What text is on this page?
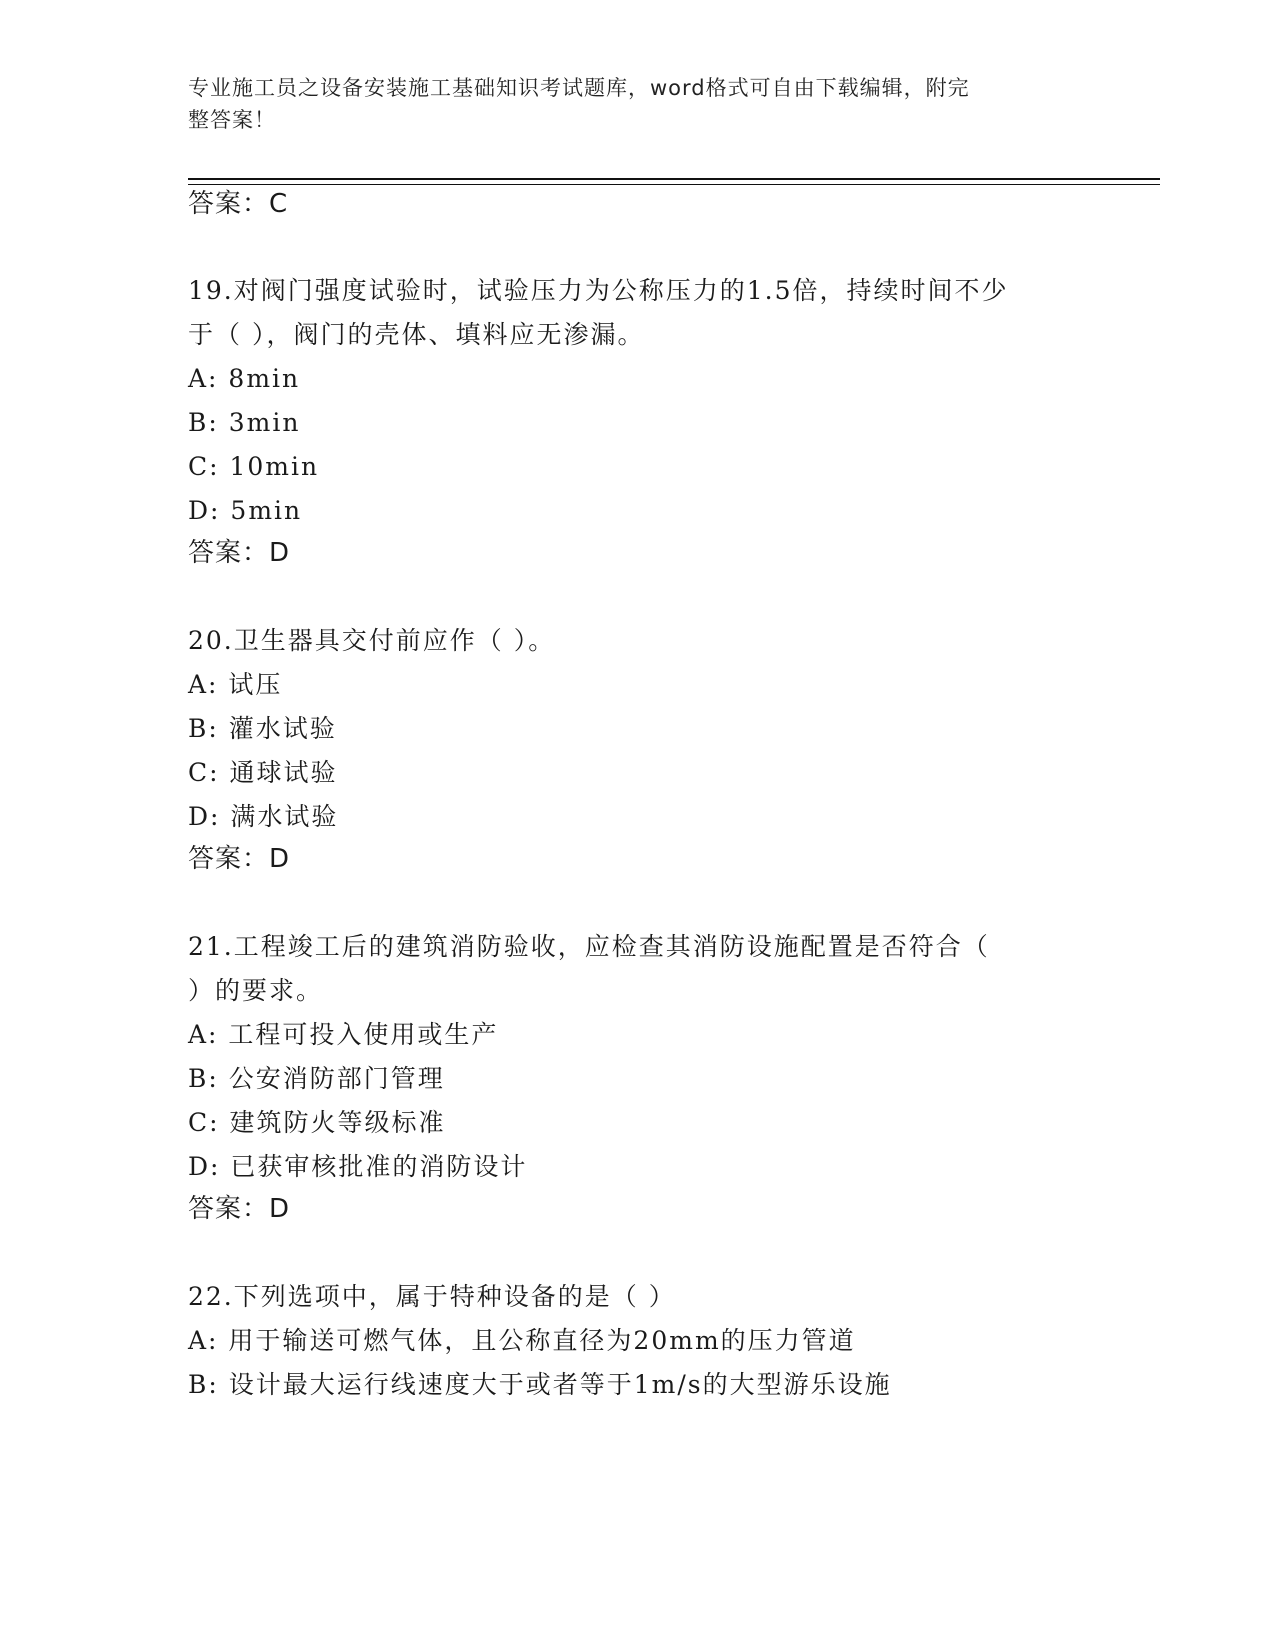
专业施工员之设备安装施工基础知识考试题库，word格式可自由下载编辑，附完
整答案！
答案：C
19.对阀门强度试验时，试验压力为公称压力的1.5倍，持续时间不少
于（ ），阀门的壳体、填料应无渗漏。
A: 8min
B: 3min
C: 10min
D: 5min
答案：D
20.卫生器具交付前应作（ ）。
A: 试压
B: 灌水试验
C: 通球试验
D: 满水试验
答案：D
21.工程竣工后的建筑消防验收，应检查其消防设施配置是否符合（
）的要求。
A: 工程可投入使用或生产
B: 公安消防部门管理
C: 建筑防火等级标准
D: 已获审核批准的消防设计
答案：D
22.下列选项中，属于特种设备的是（ ）
A: 用于输送可燃气体，且公称直径为20mm的压力管道
B: 设计最大运行线速度大于或者等于1m/s的大型游乐设施
